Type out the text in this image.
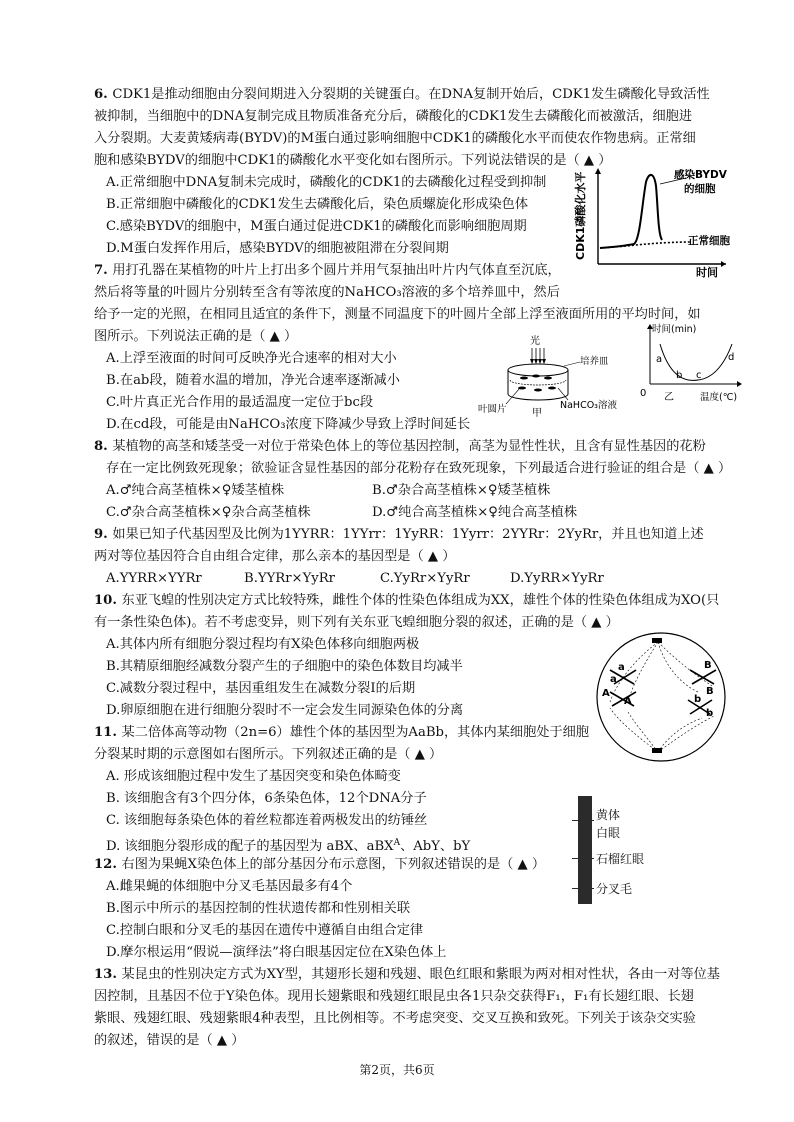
6. CDK1是推动细胞由分裂间期进入分裂期的关键蛋白。在DNA复制开始后，CDK1发生磷酸化导致活性
被抑制，当细胞中的DNA复制完成且物质准备充分后，磷酸化的CDK1发生去磷酸化而被激活，细胞进
入分裂期。大麦黄矮病毒(BYDV)的M蛋白通过影响细胞中CDK1的磷酸化水平而使农作物患病。正常细
胞和感染BYDV的细胞中CDK1的磷酸化水平变化如右图所示。下列说法错误的是（ ▲ ）
A.正常细胞中DNA复制未完成时，磷酸化的CDK1的去磷酸化过程受到抑制
B.正常细胞中磷酸化的CDK1发生去磷酸化后，染色质螺旋化形成染色体
C.感染BYDV的细胞中，M蛋白通过促进CDK1的磷酸化而影响细胞周期
D.M蛋白发挥作用后，感染BYDV的细胞被阻滞在分裂间期	CDK1磷酸化水平
时间
感染BYDV
的细胞
正常细胞
7. 用打孔器在某植物的叶片上打出多个圆片并用气泵抽出叶片内气体直至沉底，
然后将等量的叶圆片分别转至含有等浓度的NaHCO₃溶液的多个培养皿中，然后
给予一定的光照，在相同且适宜的条件下，测量不同温度下的叶圆片全部上浮至液面所用的平均时间，如
图所示。下列说法正确的是（ ▲ ）
A.上浮至液面的时间可反映净光合速率的相对大小
B.在ab段，随着水温的增加，净光合速率逐渐减小
C.叶片真正光合作用的最适温度一定位于bc段
D.在cd段，可能是由NaHCO₃浓度下降减少导致上浮时间延长
光
培养皿
叶圆片	NaHCO₃溶液
甲
时间(min)
a
b c
d
0 乙	温度(℃)
8. 某植物的高茎和矮茎受一对位于常染色体上的等位基因控制，高茎为显性性状，且含有显性基因的花粉
存在一定比例致死现象；欲验证含显性基因的部分花粉存在致死现象，下列最适合进行验证的组合是（ ▲ ）
A.♂纯合高茎植株×♀矮茎植株	B.♂杂合高茎植株×♀矮茎植株
C.♂杂合高茎植株×♀杂合高茎植株	D.♂纯合高茎植株×♀纯合高茎植株
9. 如果已知子代基因型及比例为1YYRR：1YYrr：1YyRR：1Yyrr：2YYRr：2YyRr，并且也知道上述
两对等位基因符合自由组合定律，那么亲本的基因型是（ ▲ ）
A.YYRR×YYRr	B.YYRr×YyRr	C.YyRr×YyRr	D.YyRR×YyRr
10. 东亚飞蝗的性别决定方式比较特殊，雌性个体的性染色体组成为XX，雄性个体的性染色体组成为XO(只
有一条性染色体)。若不考虑变异，则下列有关东亚飞蝗细胞分裂的叙述，正确的是（ ▲ ）
A.其体内所有细胞分裂过程均有X染色体移向细胞两极
B.其精原细胞经减数分裂产生的子细胞中的染色体数目均减半
C.减数分裂过程中，基因重组发生在减数分裂Ⅰ的后期
D.卵原细胞在进行细胞分裂时不一定会发生同源染色体的分离
a
a
A
A
B
B
b
b
11. 某二倍体高等动物（2n=6）雄性个体的基因型为AaBb，其体内某细胞处于细胞
分裂某时期的示意图如右图所示。下列叙述正确的是（ ▲ ）
A. 形成该细胞过程中发生了基因突变和染色体畸变
B. 该细胞含有3个四分体，6条染色体，12个DNA分子
C. 该细胞每条染色体的着丝粒都连着两极发出的纺锤丝
D. 该细胞分裂形成的配子的基因型为 aBX、aBX$^A$、AbY、bY
黄体
白眼
石榴红眼
分叉毛
12. 右图为果蝇X染色体上的部分基因分布示意图，下列叙述错误的是（ ▲ ）
A.雌果蝇的体细胞中分叉毛基因最多有4个
B.图示中所示的基因控制的性状遗传都和性别相关联
C.控制白眼和分叉毛的基因在遗传中遵循自由组合定律
D.摩尔根运用“假说—演绎法”将白眼基因定位在X染色体上
13. 某昆虫的性别决定方式为XY型，其翅形长翅和残翅、眼色红眼和紫眼为两对相对性状，各由一对等位基
因控制，且基因不位于Y染色体。现用长翅紫眼和残翅红眼昆虫各1只杂交获得F₁，F₁有长翅红眼、长翅
紫眼、残翅红眼、残翅紫眼4种表型，且比例相等。不考虑突变、交叉互换和致死。下列关于该杂交实验
的叙述，错误的是（ ▲ ）
第2页，共6页
